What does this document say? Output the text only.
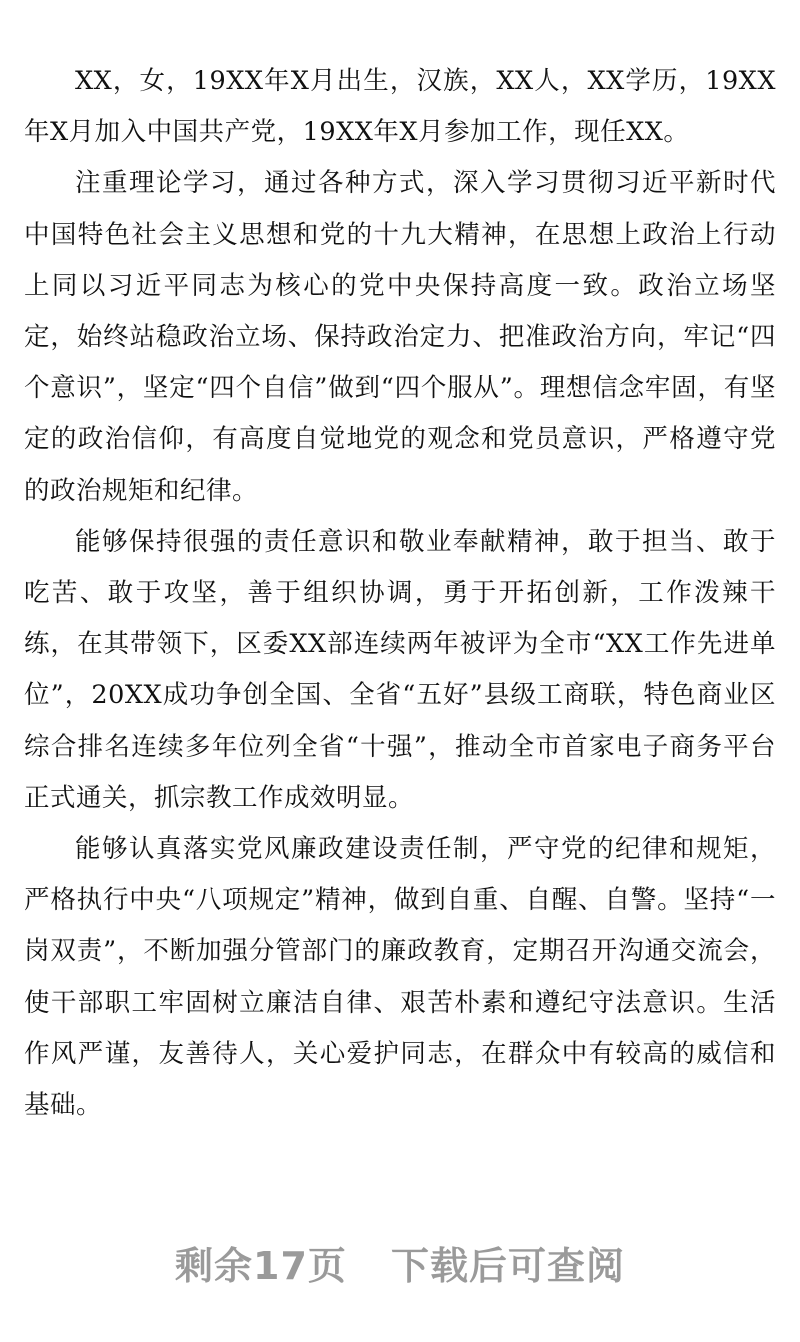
XX，女，19XX年X月出生，汉族，XX人，XX学历，19XX年X月加入中国共产党，19XX年X月参加工作，现任XX。

注重理论学习，通过各种方式，深入学习贯彻习近平新时代中国特色社会主义思想和党的十九大精神，在思想上政治上行动上同以习近平同志为核心的党中央保持高度一致。政治立场坚定，始终站稳政治立场、保持政治定力、把准政治方向，牢记“四个意识”，坚定“四个自信”做到“四个服从”。理想信念牢固，有坚定的政治信仰，有高度自觉地党的观念和党员意识，严格遵守党的政治规矩和纪律。

能够保持很强的责任意识和敬业奉献精神，敢于担当、敢于吃苦、敢于攻坚，善于组织协调，勇于开拓创新，工作泼辣干练，在其带领下，区委XX部连续两年被评为全市“XX工作先进单位”，20XX成功争创全国、全省“五好”县级工商联，特色商业区综合排名连续多年位列全省“十强”，推动全市首家电子商务平台正式通关，抓宗教工作成效明显。

能够认真落实党风廉政建设责任制，严守党的纪律和规矩，严格执行中央“八项规定”精神，做到自重、自醒、自警。坚持“一岗双责”，不断加强分管部门的廉政教育，定期召开沟通交流会，使干部职工牢固树立廉洁自律、艰苦朴素和遵纪守法意识。生活作风严谨，友善待人，关心爱护同志，在群众中有较高的威信和基础。

剩余17页 下载后可查阅
